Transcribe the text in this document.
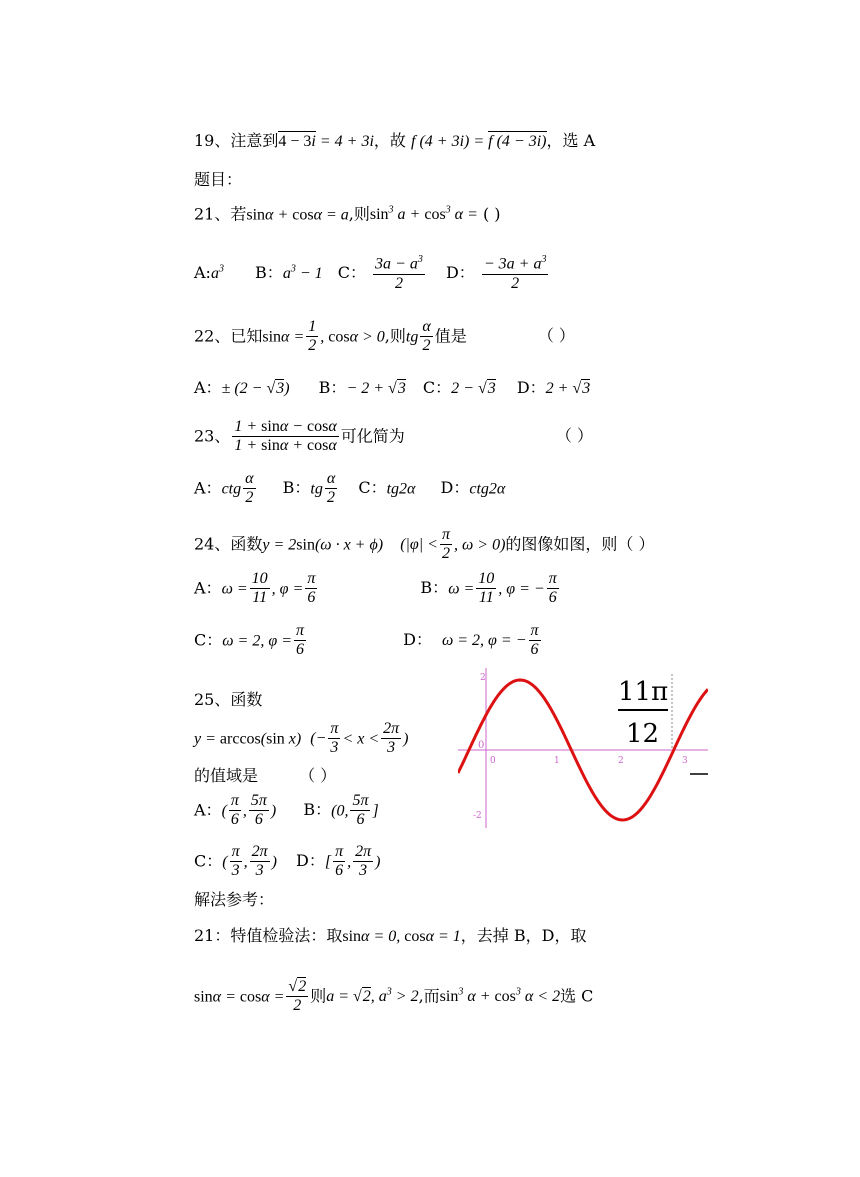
19、注意到4 − 3i = 4 + 3i，故 f (4 + 3i) = f (4 − 3i)，选 A
题目：
21、若sinα + cosα = a,则$\sin^3 a + \cos^3 \alpha$ = ( )
$A:a^3$ B：$a^3 - 1$ C： $\frac{3a - a^3}{2}$ D： $\frac{- 3a + a^3}{2}$
22、已知$\sin\alpha = \frac{1}{2}$ , cosα > 0,则tg $\frac{\alpha}{2}$ 值是	（ ）
A：± (2 − √3) B：− 2 + √3 C：2 − √3 D：2 + √3
23、 $\frac{1 + \sin\alpha - \cos\alpha}{1 + \sin\alpha + \cos\alpha}$ 可化简为	（ ）
A：ctg $\frac{\alpha}{2}$ B：tg $\frac{\alpha}{2}$ C：tg2α D：ctg2α
24、函数y = 2sin(ω · x + ϕ) ($|\varphi| < \frac{\pi}{2}$ , ω > 0)的图像如图，则（ ）
A：$\omega = \frac{10}{11}$ , $\varphi = \frac{\pi}{6}$	B：$\omega = \frac{10}{11}$ , φ = − $\frac{\pi}{6}$
C：ω = 2, $\varphi = \frac{\pi}{6}$	D： ω = 2, φ = − $\frac{\pi}{6}$
25、函数
y = arccos(sin x) (− $\frac{\pi}{3} < x < \frac{2\pi}{3}$ )
的值域是	（ ）
A：( $\frac{\pi}{6}$ , $\frac{5\pi}{6}$ ) B：(0, $\frac{5\pi}{6}$ ]
C：( $\frac{\pi}{3}$ , $\frac{2\pi}{3}$ ) D：[ $\frac{\pi}{6}$ , $\frac{2\pi}{3}$ )
2
0
-2
0	1	2	3
11π
12
解法参考：
21：特值检验法：取sinα = 0, cosα = 1，去掉 B，D，取
$\sin\alpha = \cos\alpha = \frac{√2}{2}$ 则a = √2, $a^3 > 2$,而$\sin^3 \alpha + \cos^3 \alpha < 2$选 C
